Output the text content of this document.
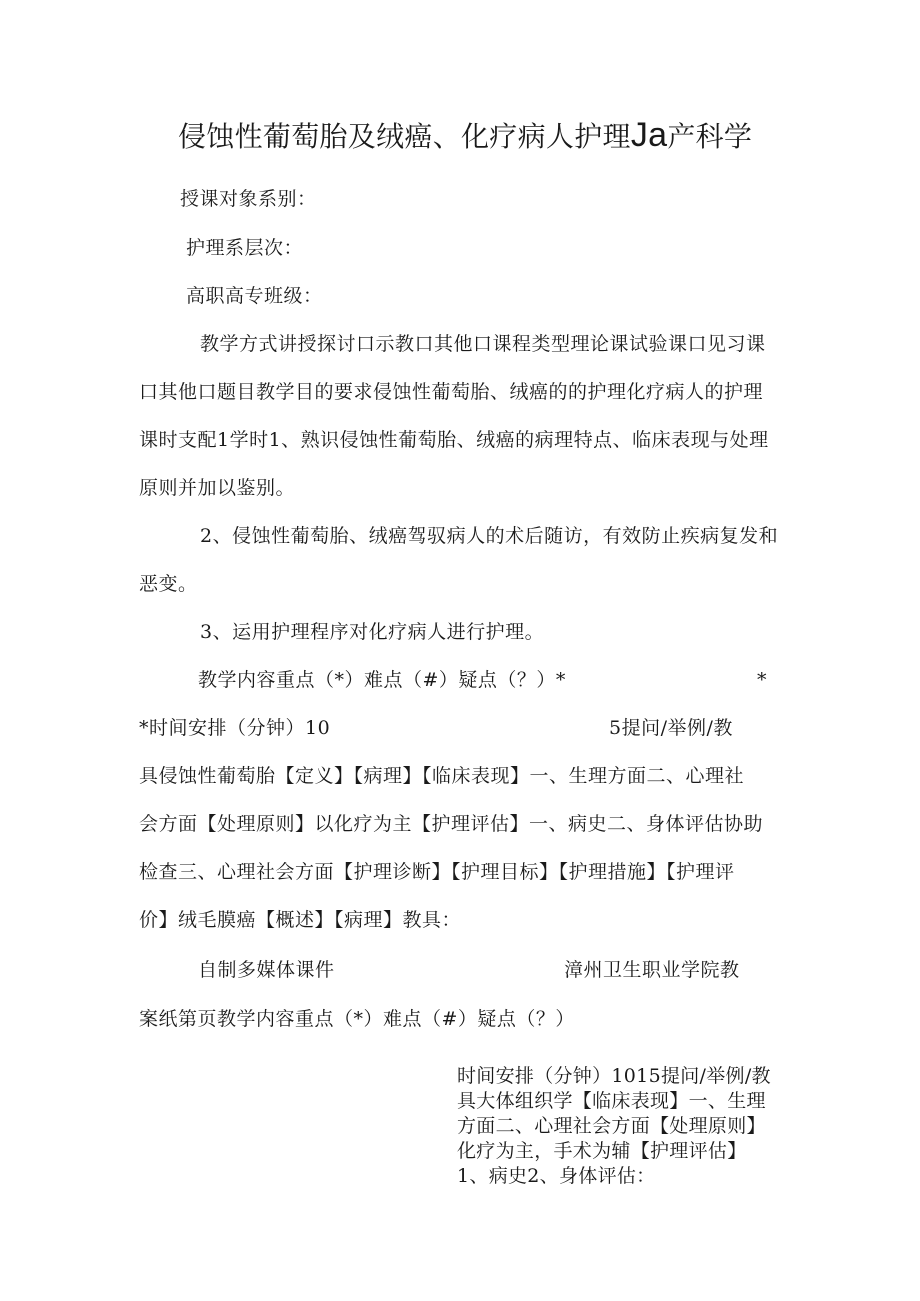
侵蚀性葡萄胎及绒癌、化疗病人护理Ja产科学
授课对象系别：
护理系层次：
高职高专班级：
教学方式讲授探讨口示教口其他口课程类型理论课试验课口见习课
口其他口题目教学目的要求侵蚀性葡萄胎、绒癌的的护理化疗病人的护理
课时支配1学时1、熟识侵蚀性葡萄胎、绒癌的病理特点、临床表现与处理
原则并加以鉴别。
2、侵蚀性葡萄胎、绒癌驾驭病人的术后随访，有效防止疾病复发和
恶变。
3、运用护理程序对化疗病人进行护理。
教学内容重点（*）难点（#）疑点（？）*	*
*时间安排（分钟）10	5提问/举例/教
具侵蚀性葡萄胎【定义】【病理】【临床表现】一、生理方面二、心理社
会方面【处理原则】以化疗为主【护理评估】一、病史二、身体评估协助
检查三、心理社会方面【护理诊断】【护理目标】【护理措施】【护理评
价】绒毛膜癌【概述】【病理】教具：
自制多媒体课件	漳州卫生职业学院教
案纸第页教学内容重点（*）难点（#）疑点（？）
时间安排（分钟）1015提问/举例/教
具大体组织学【临床表现】一、生理
方面二、心理社会方面【处理原则】
化疗为主，手术为辅【护理评估】
1、病史2、身体评估：
